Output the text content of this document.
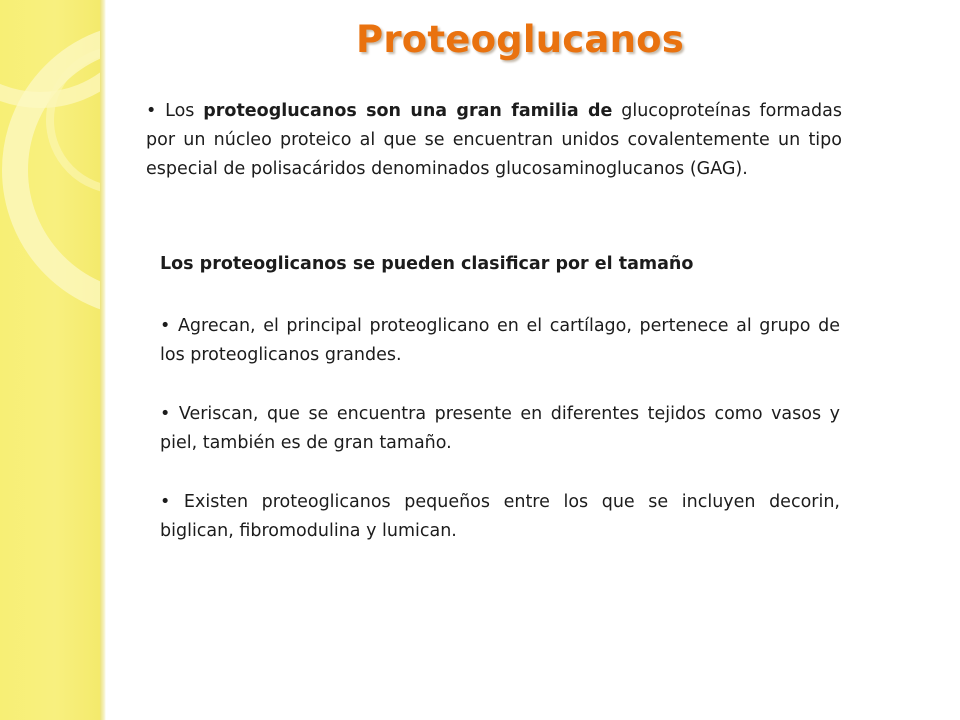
Proteoglucanos
• Los proteoglucanos son una gran familia de glucoproteínas formadas por un núcleo proteico al que se encuentran unidos covalentemente un tipo especial de polisacáridos denominados glucosaminoglucanos (GAG).
Los proteoglicanos se pueden clasificar por el tamaño
• Agrecan, el principal proteoglicano en el cartílago, pertenece al grupo de los proteoglicanos grandes.
• Veriscan, que se encuentra presente en diferentes tejidos como vasos y piel, también es de gran tamaño.
• Existen proteoglicanos pequeños entre los que se incluyen decorin, biglican, fibromodulina y lumican.
